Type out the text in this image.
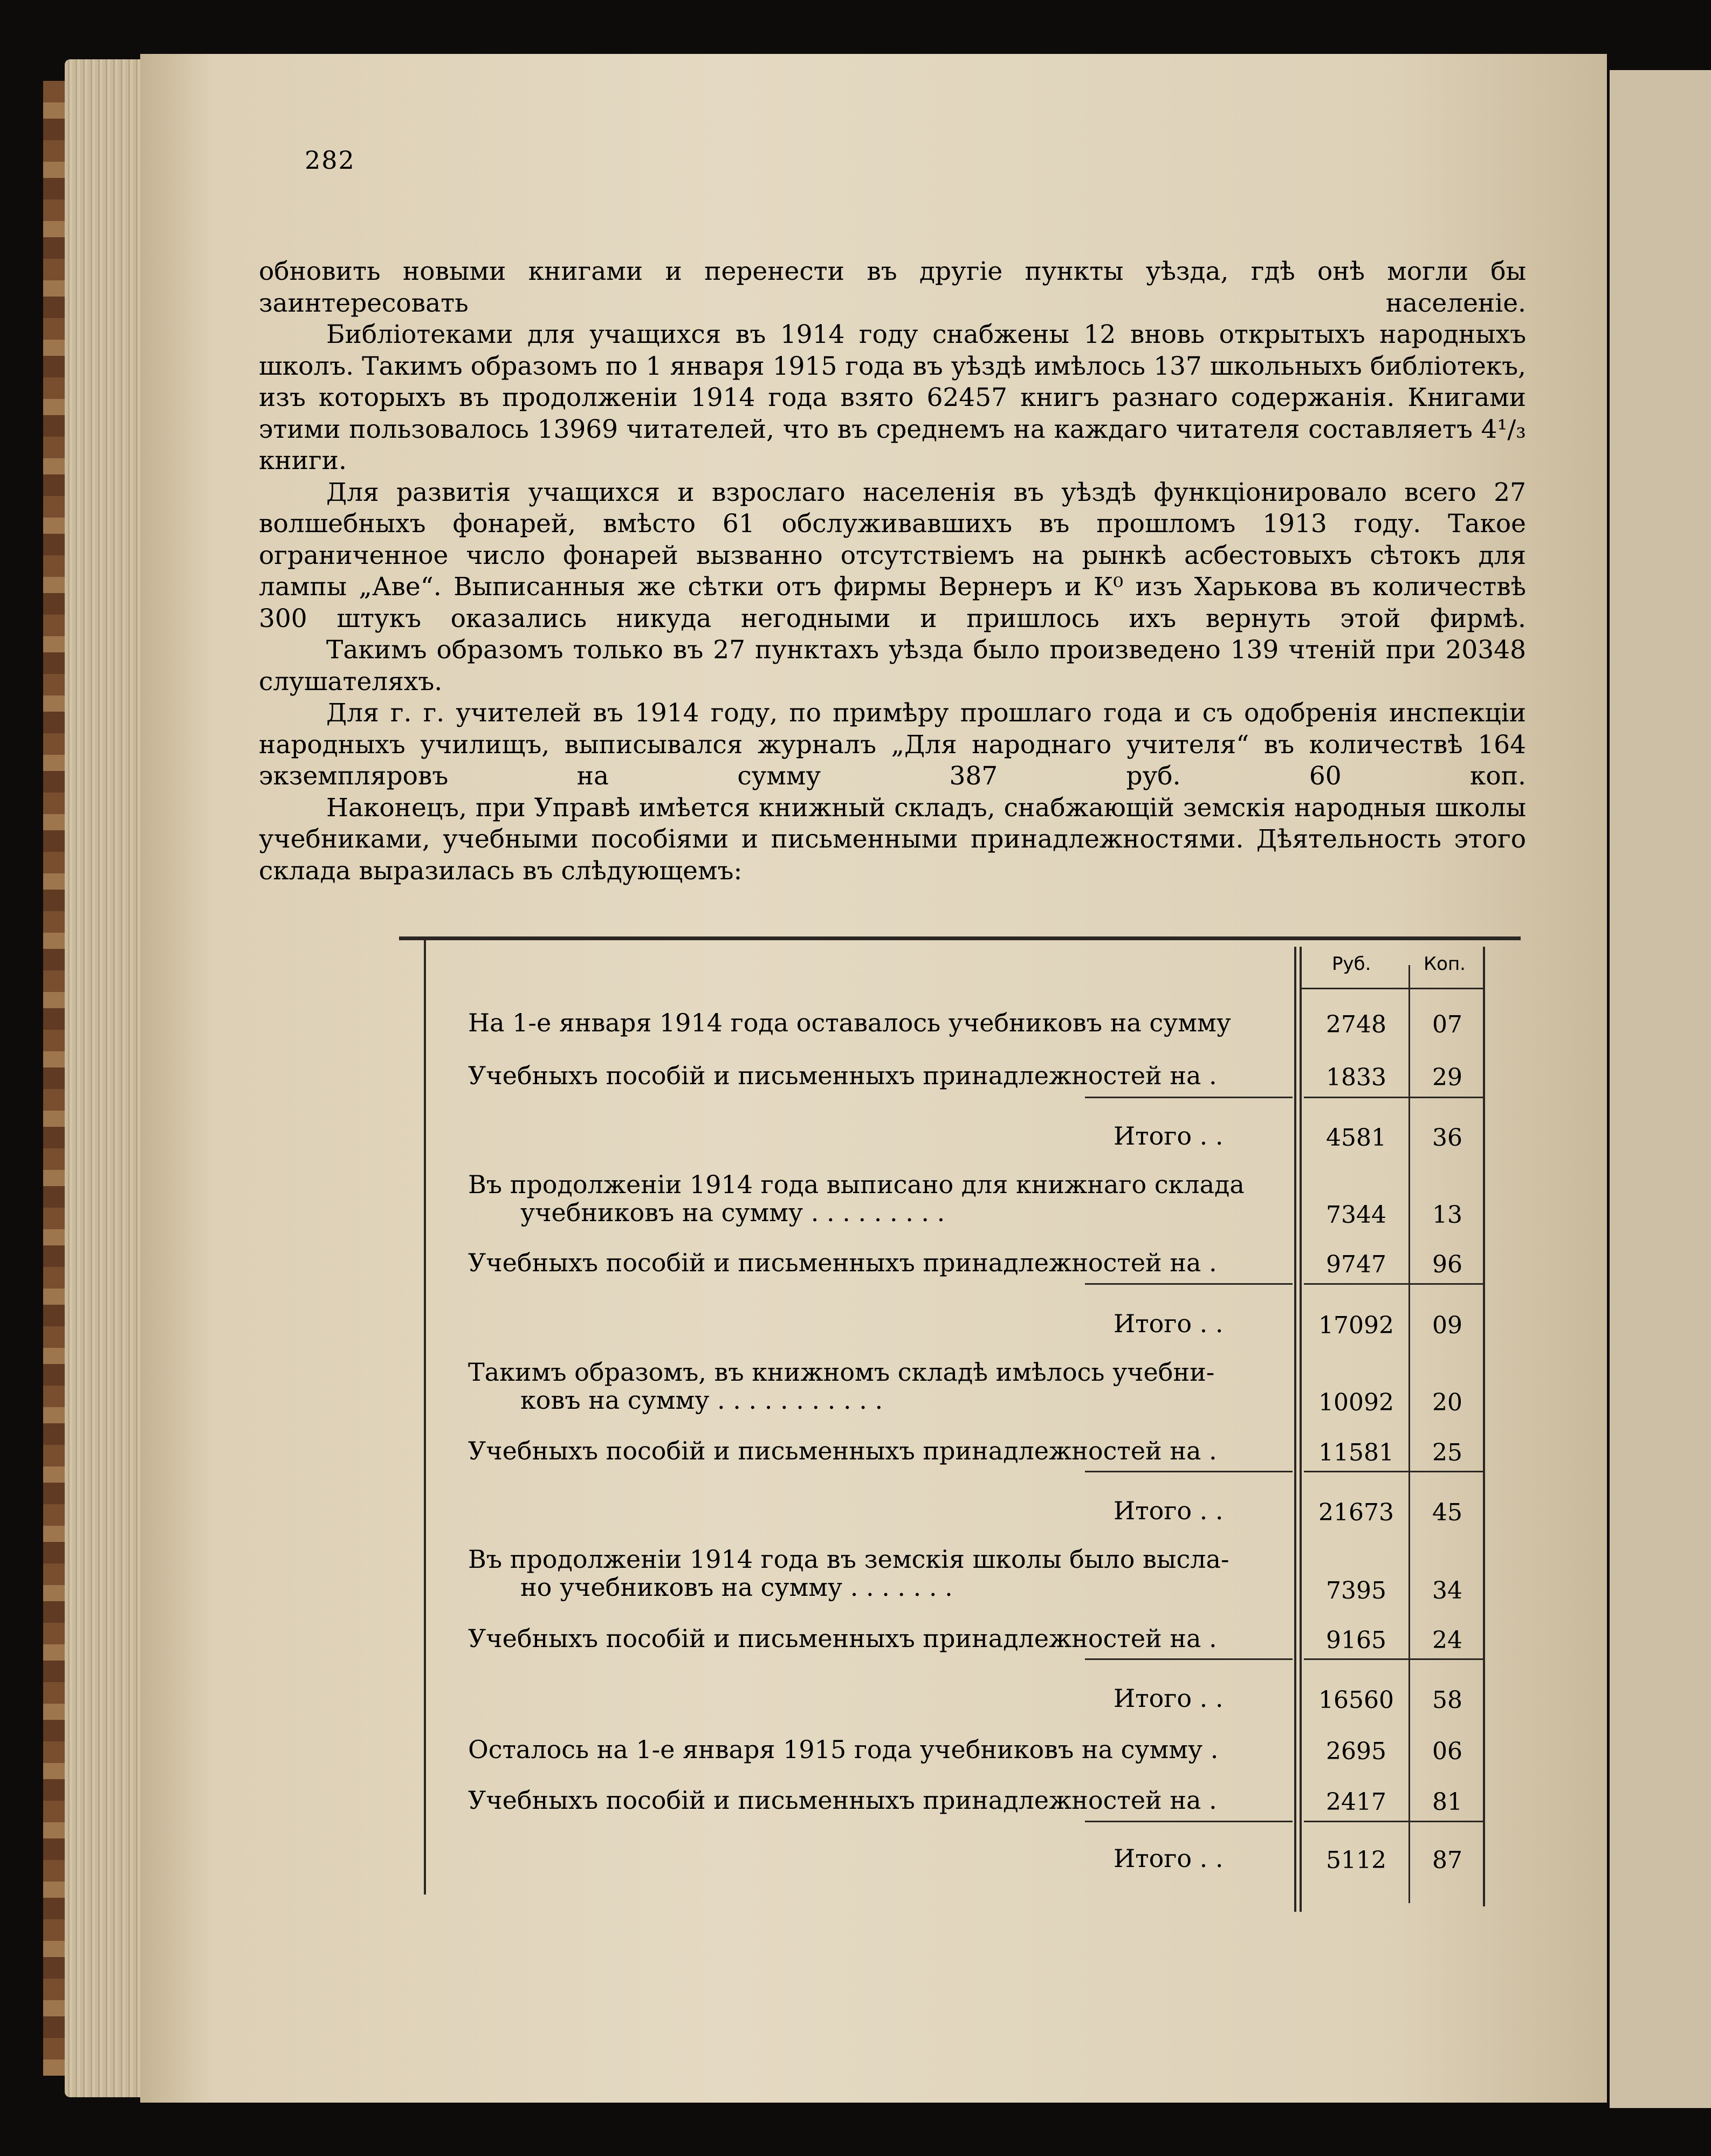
282

обновить новыми книгами и перенести въ другіе пункты уѣзда, гдѣ онѣ могли бы заинтересовать населеніе.

Библіотеками для учащихся въ 1914 году снабжены 12 вновь открытыхъ народныхъ школъ. Такимъ образомъ по 1 января 1915 года въ уѣздѣ имѣлось 137 школьныхъ библіотекъ, изъ которыхъ въ продолженіи 1914 года взято 62457 книгъ разнаго содержанія. Книгами этими пользовалось 13969 читателей, что въ среднемъ на каждаго читателя составляетъ 4¹/₃ книги.

Для развитія учащихся и взрослаго населенія въ уѣздѣ функціонировало всего 27 волшебныхъ фонарей, вмѣсто 61 обслуживавшихъ въ прошломъ 1913 году. Такое ограниченное число фонарей вызванно отсутствіемъ на рынкѣ асбестовыхъ сѣтокъ для лампы „Аве“. Выписанныя же сѣтки отъ фирмы Вернеръ и К⁰ изъ Харькова въ количествѣ 300 штукъ оказались никуда негодными и пришлось ихъ вернуть этой фирмѣ.

Такимъ образомъ только въ 27 пунктахъ уѣзда было произведено 139 чтеній при 20348 слушателяхъ.

Для г. г. учителей въ 1914 году, по примѣру прошлаго года и съ одобренія инспекціи народныхъ училищъ, выписывался журналъ „Для народнаго учителя“ въ количествѣ 164 экземпляровъ на сумму 387 руб. 60 коп.

Наконецъ, при Управѣ имѣется книжный складъ, снабжающій земскія народныя школы учебниками, учебными пособіями и письменными принадлежностями. Дѣятельность этого склада выразилась въ слѣдующемъ:

Руб.	Коп.
На 1-е января 1914 года оставалось учебниковъ на сумму	2748	07
Учебныхъ пособій и письменныхъ принадлежностей на .	1833	29
Итого . .	4581	36
Въ продолженіи 1914 года выписано для книжнаго склада
учебниковъ на сумму . . . . . . . . .	7344	13
Учебныхъ пособій и письменныхъ принадлежностей на .	9747	96
Итого . .	17092	09
Такимъ образомъ, въ книжномъ складѣ имѣлось учебни-
ковъ на сумму . . . . . . . . . . .	10092	20
Учебныхъ пособій и письменныхъ принадлежностей на .	11581	25
Итого . .	21673	45
Въ продолженіи 1914 года въ земскія школы было высла-
но учебниковъ на сумму . . . . . . .	7395	34
Учебныхъ пособій и письменныхъ принадлежностей на .	9165	24
Итого . .	16560	58
Осталось на 1-е января 1915 года учебниковъ на сумму .	2695	06
Учебныхъ пособій и письменныхъ принадлежностей на .	2417	81
Итого . .	5112	87
